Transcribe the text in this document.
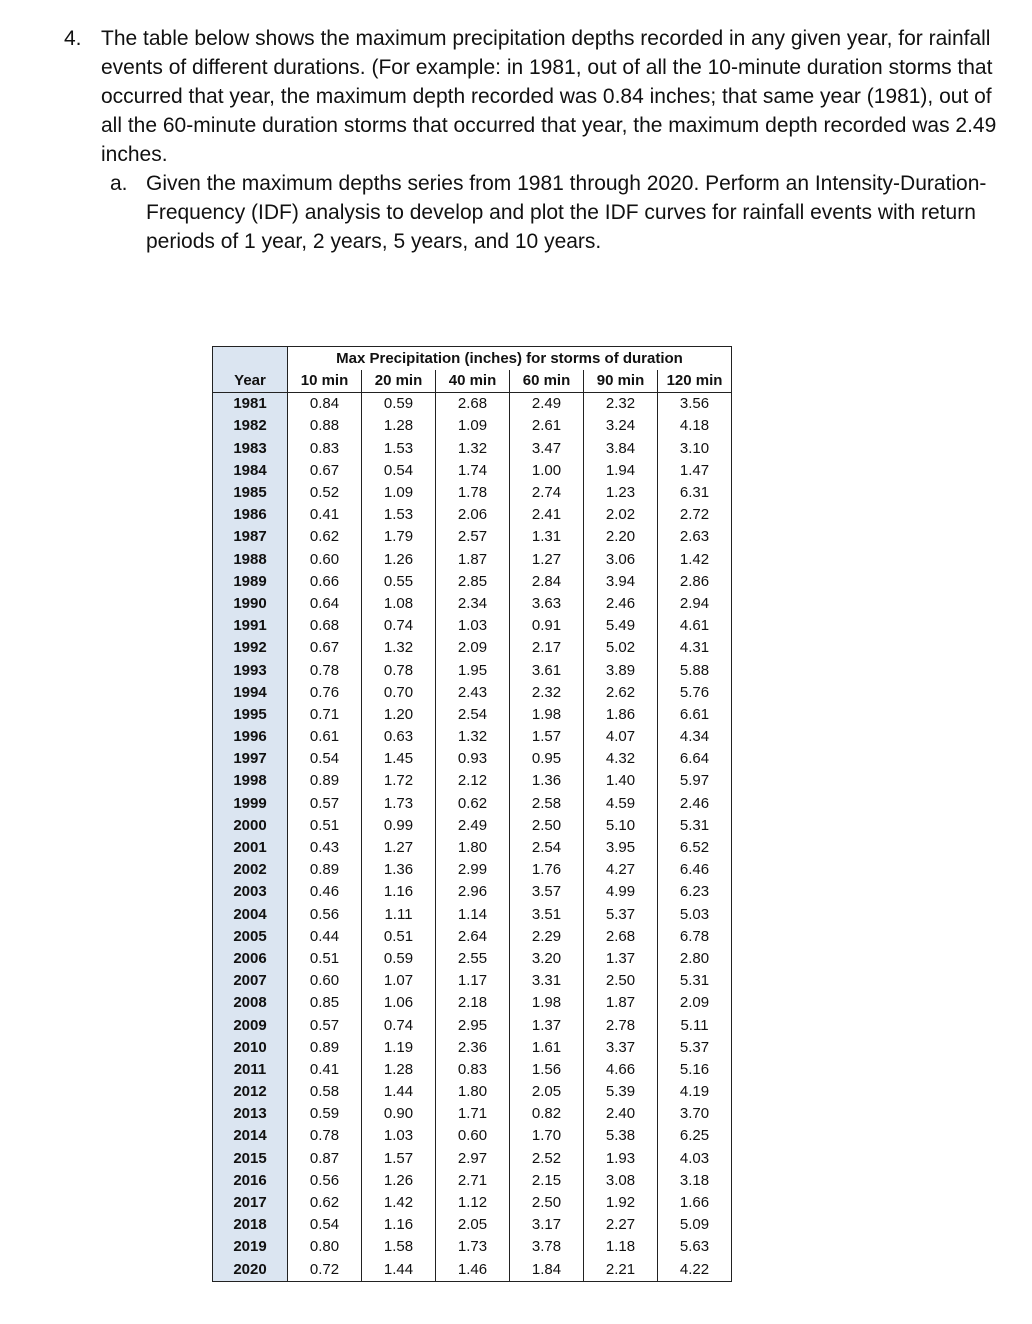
4. The table below shows the maximum precipitation depths recorded in any given year, for rainfall events of different durations. (For example: in 1981, out of all the 10-minute duration storms that occurred that year, the maximum depth recorded was 0.84 inches; that same year (1981), out of all the 60-minute duration storms that occurred that year, the maximum depth recorded was 2.49 inches.
a. Given the maximum depths series from 1981 through 2020. Perform an Intensity-Duration-Frequency (IDF) analysis to develop and plot the IDF curves for rainfall events with return periods of 1 year, 2 years, 5 years, and 10 years.
	Max Precipitation (inches) for storms of duration					
Year	10 min	20 min	40 min	60 min	90 min	120 min
1981	0.84	0.59	2.68	2.49	2.32	3.56
1982	0.88	1.28	1.09	2.61	3.24	4.18
1983	0.83	1.53	1.32	3.47	3.84	3.10
1984	0.67	0.54	1.74	1.00	1.94	1.47
1985	0.52	1.09	1.78	2.74	1.23	6.31
1986	0.41	1.53	2.06	2.41	2.02	2.72
1987	0.62	1.79	2.57	1.31	2.20	2.63
1988	0.60	1.26	1.87	1.27	3.06	1.42
1989	0.66	0.55	2.85	2.84	3.94	2.86
1990	0.64	1.08	2.34	3.63	2.46	2.94
1991	0.68	0.74	1.03	0.91	5.49	4.61
1992	0.67	1.32	2.09	2.17	5.02	4.31
1993	0.78	0.78	1.95	3.61	3.89	5.88
1994	0.76	0.70	2.43	2.32	2.62	5.76
1995	0.71	1.20	2.54	1.98	1.86	6.61
1996	0.61	0.63	1.32	1.57	4.07	4.34
1997	0.54	1.45	0.93	0.95	4.32	6.64
1998	0.89	1.72	2.12	1.36	1.40	5.97
1999	0.57	1.73	0.62	2.58	4.59	2.46
2000	0.51	0.99	2.49	2.50	5.10	5.31
2001	0.43	1.27	1.80	2.54	3.95	6.52
2002	0.89	1.36	2.99	1.76	4.27	6.46
2003	0.46	1.16	2.96	3.57	4.99	6.23
2004	0.56	1.11	1.14	3.51	5.37	5.03
2005	0.44	0.51	2.64	2.29	2.68	6.78
2006	0.51	0.59	2.55	3.20	1.37	2.80
2007	0.60	1.07	1.17	3.31	2.50	5.31
2008	0.85	1.06	2.18	1.98	1.87	2.09
2009	0.57	0.74	2.95	1.37	2.78	5.11
2010	0.89	1.19	2.36	1.61	3.37	5.37
2011	0.41	1.28	0.83	1.56	4.66	5.16
2012	0.58	1.44	1.80	2.05	5.39	4.19
2013	0.59	0.90	1.71	0.82	2.40	3.70
2014	0.78	1.03	0.60	1.70	5.38	6.25
2015	0.87	1.57	2.97	2.52	1.93	4.03
2016	0.56	1.26	2.71	2.15	3.08	3.18
2017	0.62	1.42	1.12	2.50	1.92	1.66
2018	0.54	1.16	2.05	3.17	2.27	5.09
2019	0.80	1.58	1.73	3.78	1.18	5.63
2020	0.72	1.44	1.46	1.84	2.21	4.22
